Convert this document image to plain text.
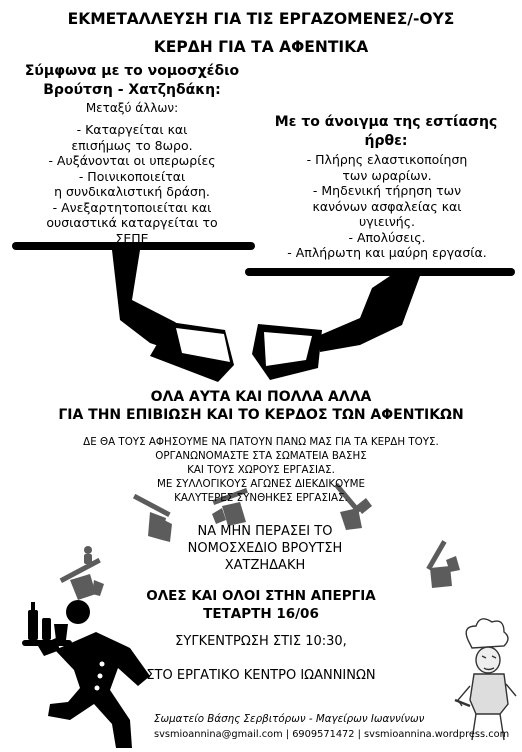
ΕΚΜΕΤΑΛΛΕΥΣΗ ΓΙΑ ΤΙΣ ΕΡΓΑΖΟΜΕΝΕΣ/-ΟΥΣ
ΚΕΡΔΗ ΓΙΑ ΤΑ ΑΦΕΝΤΙΚΑ
Σύμφωνα με το νομοσχέδιο
Βρούτση - Χατζηδάκη:
Μεταξύ άλλων:
- Καταργείται και
επισήμως το 8ωρο.
- Αυξάνονται οι υπερωρίες
- Ποινικοποιείται
η συνδικαλιστική δράση.
- Ανεξαρτητοποιείται και
ουσιαστικά καταργείται το
ΣΕΠΕ
Με το άνοιγμα της εστίασης
ήρθε:
- Πλήρης ελαστικοποίηση
των ωραρίων.
- Μηδενική τήρηση των
κανόνων ασφαλείας και
υγιεινής.
- Απολύσεις.
- Απλήρωτη και μαύρη εργασία.
ΟΛΑ ΑΥΤΑ ΚΑΙ ΠΟΛΛΑ ΑΛΛΑ
ΓΙΑ ΤΗΝ ΕΠΙΒΙΩΣΗ ΚΑΙ ΤΟ ΚΕΡΔΟΣ ΤΩΝ ΑΦΕΝΤΙΚΩΝ
ΔΕ ΘΑ ΤΟΥΣ ΑΦΗΣΟΥΜΕ ΝΑ ΠΑΤΟΥΝ ΠΑΝΩ ΜΑΣ ΓΙΑ ΤΑ ΚΕΡΔΗ ΤΟΥΣ.
ΟΡΓΑΝΩΝΟΜΑΣΤΕ ΣΤΑ ΣΩΜΑΤΕΙΑ ΒΑΣΗΣ
ΚΑΙ ΤΟΥΣ ΧΩΡΟΥΣ ΕΡΓΑΣΙΑΣ.
ΜΕ ΣΥΛΛΟΓΙΚΟΥΣ ΑΓΩΝΕΣ ΔΙΕΚΔΙΚΟΥΜΕ
ΚΑΛΥΤΕΡΕΣ ΣΥΝΘΗΚΕΣ ΕΡΓΑΣΙΑΣ.
ΝΑ ΜΗΝ ΠΕΡΑΣΕΙ ΤΟ
ΝΟΜΟΣΧΕΔΙΟ ΒΡΟΥΤΣΗ
ΧΑΤΖΗΔΑΚΗ
ΟΛΕΣ ΚΑΙ ΟΛΟΙ ΣΤΗΝ ΑΠΕΡΓΙΑ
ΤΕΤΑΡΤΗ 16/06
ΣΥΓΚΕΝΤΡΩΣΗ ΣΤΙΣ 10:30,
ΣΤΟ ΕΡΓΑΤΙΚΟ ΚΕΝΤΡΟ ΙΩΑΝΝΙΝΩΝ
Σωματείο Βάσης Σερβιτόρων - Μαγείρων Ιωαννίνων
svsmioannina@gmail.com | 6909571472 | svsmioannina.wordpress.com
